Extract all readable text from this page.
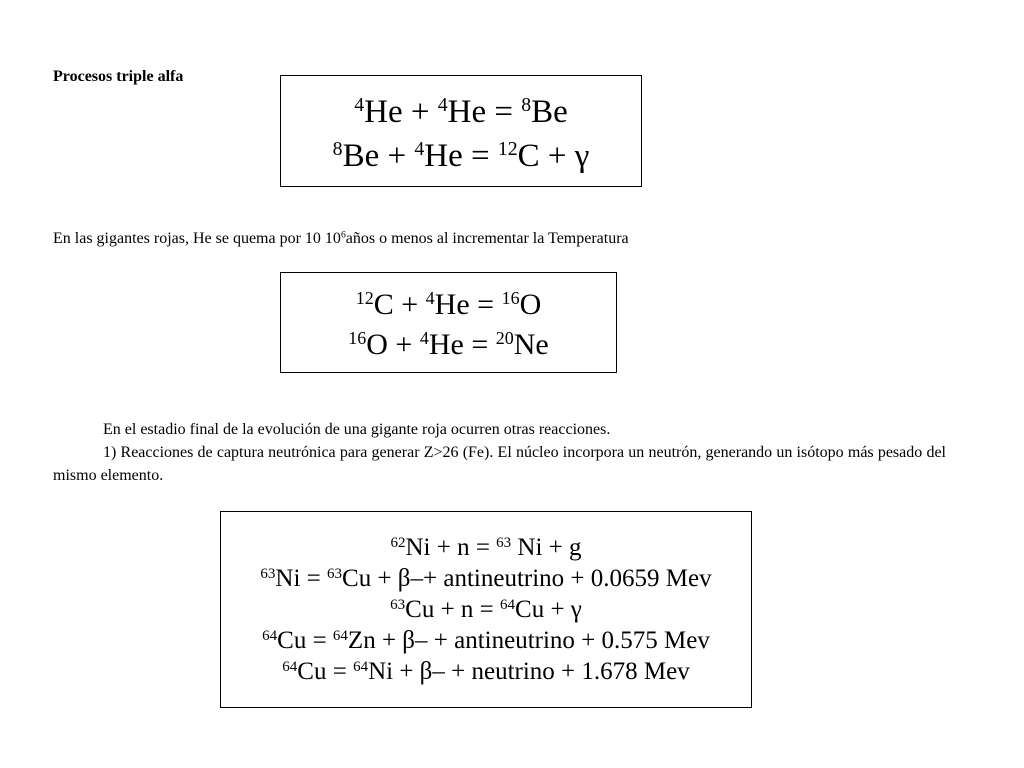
Procesos triple alfa
$^4$He + $^4$He = $^8$Be
$^8$Be + $^4$He = $^{12}$C + γ
En las gigantes rojas, He se quema por 10 $10^6años$ o menos al incrementar la Temperatura
$^{12}$C + $^4$He = $^{16}$O
$^{16}$O + $^4$He = $^{20}$Ne

En el estadio final de la evolución de una gigante roja ocurren otras reacciones.

1) Reacciones de captura neutrónica para generar Z>26 (Fe). El núcleo incorpora un neutrón, generando un isótopo más pesado del mismo elemento.

$^{62}$Ni + n = $^{63}$ Ni + g
$^{63}$Ni = $^{63}$Cu + β–+ antineutrino + 0.0659 Mev
$^{63}$Cu + n = $^{64}$Cu + γ
$^{64}$Cu = $^{64}$Zn + β– + antineutrino + 0.575 Mev
$^{64}$Cu = $^{64}$Ni + β– + neutrino + 1.678 Mev
